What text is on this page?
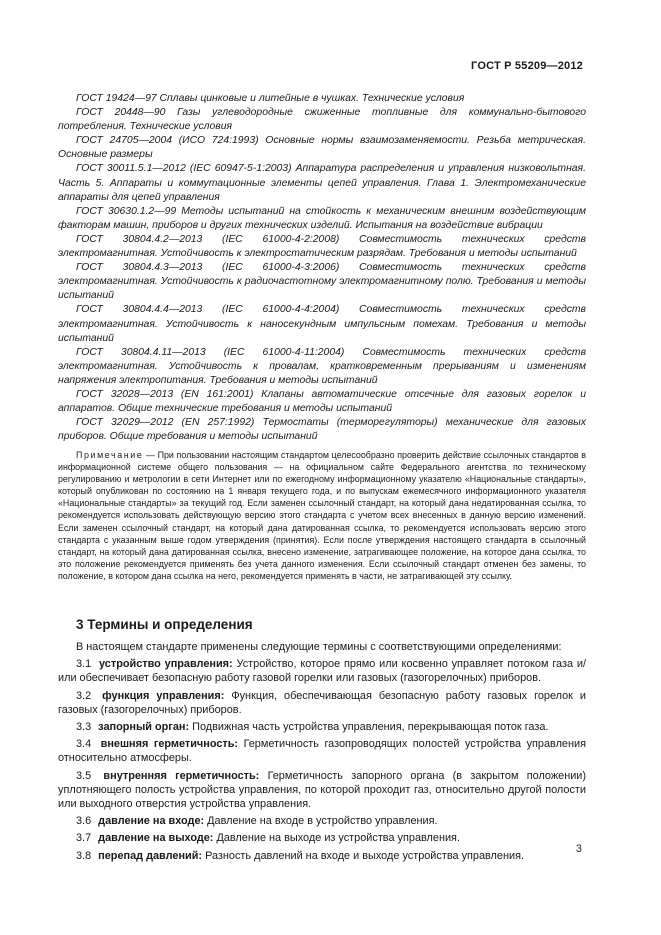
ГОСТ Р 55209—2012

ГОСТ 19424—97 Сплавы цинковые и литейные в чушках. Технические условия

ГОСТ 20448—90 Газы углеводородные сжиженные топливные для коммунально-бытового потребления. Технические условия

ГОСТ 24705—2004 (ИСО 724:1993) Основные нормы взаимозаменяемости. Резьба метрическая. Основные размеры

ГОСТ 30011.5.1—2012 (IEC 60947-5-1:2003) Аппаратура распределения и управления низковольтная. Часть 5. Аппараты и коммутационные элементы цепей управления. Глава 1. Электромеханические аппараты для цепей управления

ГОСТ 30630.1.2—99 Методы испытаний на стойкость к механическим внешним воздействующим факторам машин, приборов и других технических изделий. Испытания на воздействие вибрации

ГОСТ 30804.4.2—2013 (IEC 61000-4-2:2008) Совместимость технических средств электромагнитная. Устойчивость к электростатическим разрядам. Требования и методы испытаний

ГОСТ 30804.4.3—2013 (IEC 61000-4-3:2006) Совместимость технических средств электромагнитная. Устойчивость к радиочастотному электромагнитному полю. Требования и методы испытаний

ГОСТ 30804.4.4—2013 (IEC 61000-4-4:2004) Совместимость технических средств электромагнитная. Устойчивость к наносекундным импульсным помехам. Требования и методы испытаний

ГОСТ 30804.4.11—2013 (IEC 61000-4-11:2004) Совместимость технических средств электромагнитная. Устойчивость к провалам, кратковременным прерываниям и изменениям напряжения электропитания. Требования и методы испытаний

ГОСТ 32028—2013 (EN 161:2001) Клапаны автоматические отсечные для газовых горелок и аппаратов. Общие технические требования и методы испытаний

ГОСТ 32029—2012 (EN 257:1992) Термостаты (терморегуляторы) механические для газовых приборов. Общие требования и методы испытаний

Примечание — При пользовании настоящим стандартом целесообразно проверить действие ссылочных стандартов в информационной системе общего пользования — на официальном сайте Федерального агентства по техническому регулированию и метрологии в сети Интернет или по ежегодному информационному указателю «Национальные стандарты», который опубликован по состоянию на 1 января текущего года, и по выпускам ежемесячного информационного указателя «Национальные стандарты» за текущий год. Если заменен ссылочный стандарт, на который дана недатированная ссылка, то рекомендуется использовать действующую версию этого стандарта с учетом всех внесенных в данную версию изменений. Если заменен ссылочный стандарт, на который дана датированная ссылка, то рекомендуется использовать версию этого стандарта с указанным выше годом утверждения (принятия). Если после утверждения настоящего стандарта в ссылочный стандарт, на который дана датированная ссылка, внесено изменение, затрагивающее положение, на которое дана ссылка, то это положение рекомендуется применять без учета данного изменения. Если ссылочный стандарт отменен без замены, то положение, в котором дана ссылка на него, рекомендуется применять в части, не затрагивающей эту ссылку.

3 Термины и определения

В настоящем стандарте применены следующие термины с соответствующими определениями:

3.1 устройство управления: Устройство, которое прямо или косвенно управляет потоком газа и/или обеспечивает безопасную работу газовой горелки или газовых (газогорелочных) приборов.

3.2 функция управления: Функция, обеспечивающая безопасную работу газовых горелок и газовых (газогорелочных) приборов.

3.3 запорный орган: Подвижная часть устройства управления, перекрывающая поток газа.

3.4 внешняя герметичность: Герметичность газопроводящих полостей устройства управления относительно атмосферы.

3.5 внутренняя герметичность: Герметичность запорного органа (в закрытом положении) уплотняющего полость устройства управления, по которой проходит газ, относительно другой полости или выходного отверстия устройства управления.

3.6 давление на входе: Давление на входе в устройство управления.

3.7 давление на выходе: Давление на выходе из устройства управления.

3.8 перепад давлений: Разность давлений на входе и выходе устройства управления.

3
